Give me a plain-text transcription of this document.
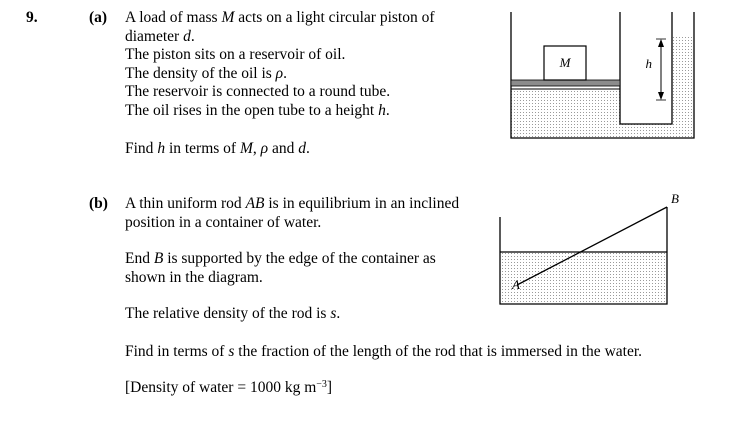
M	h
A
B
9.	(a) A load of mass M acts on a light circular piston of
diameter d.
The piston sits on a reservoir of oil.
The density of the oil is ρ.
The reservoir is connected to a round tube.
The oil rises in the open tube to a height h.
Find h in terms of M, ρ and d.
(b) A thin uniform rod AB is in equilibrium in an inclined
position in a container of water.
End B is supported by the edge of the container as
shown in the diagram.
The relative density of the rod is s.
Find in terms of s the fraction of the length of the rod that is immersed in the water.
[Density of water = 1000 kg $m^{-3}$]
